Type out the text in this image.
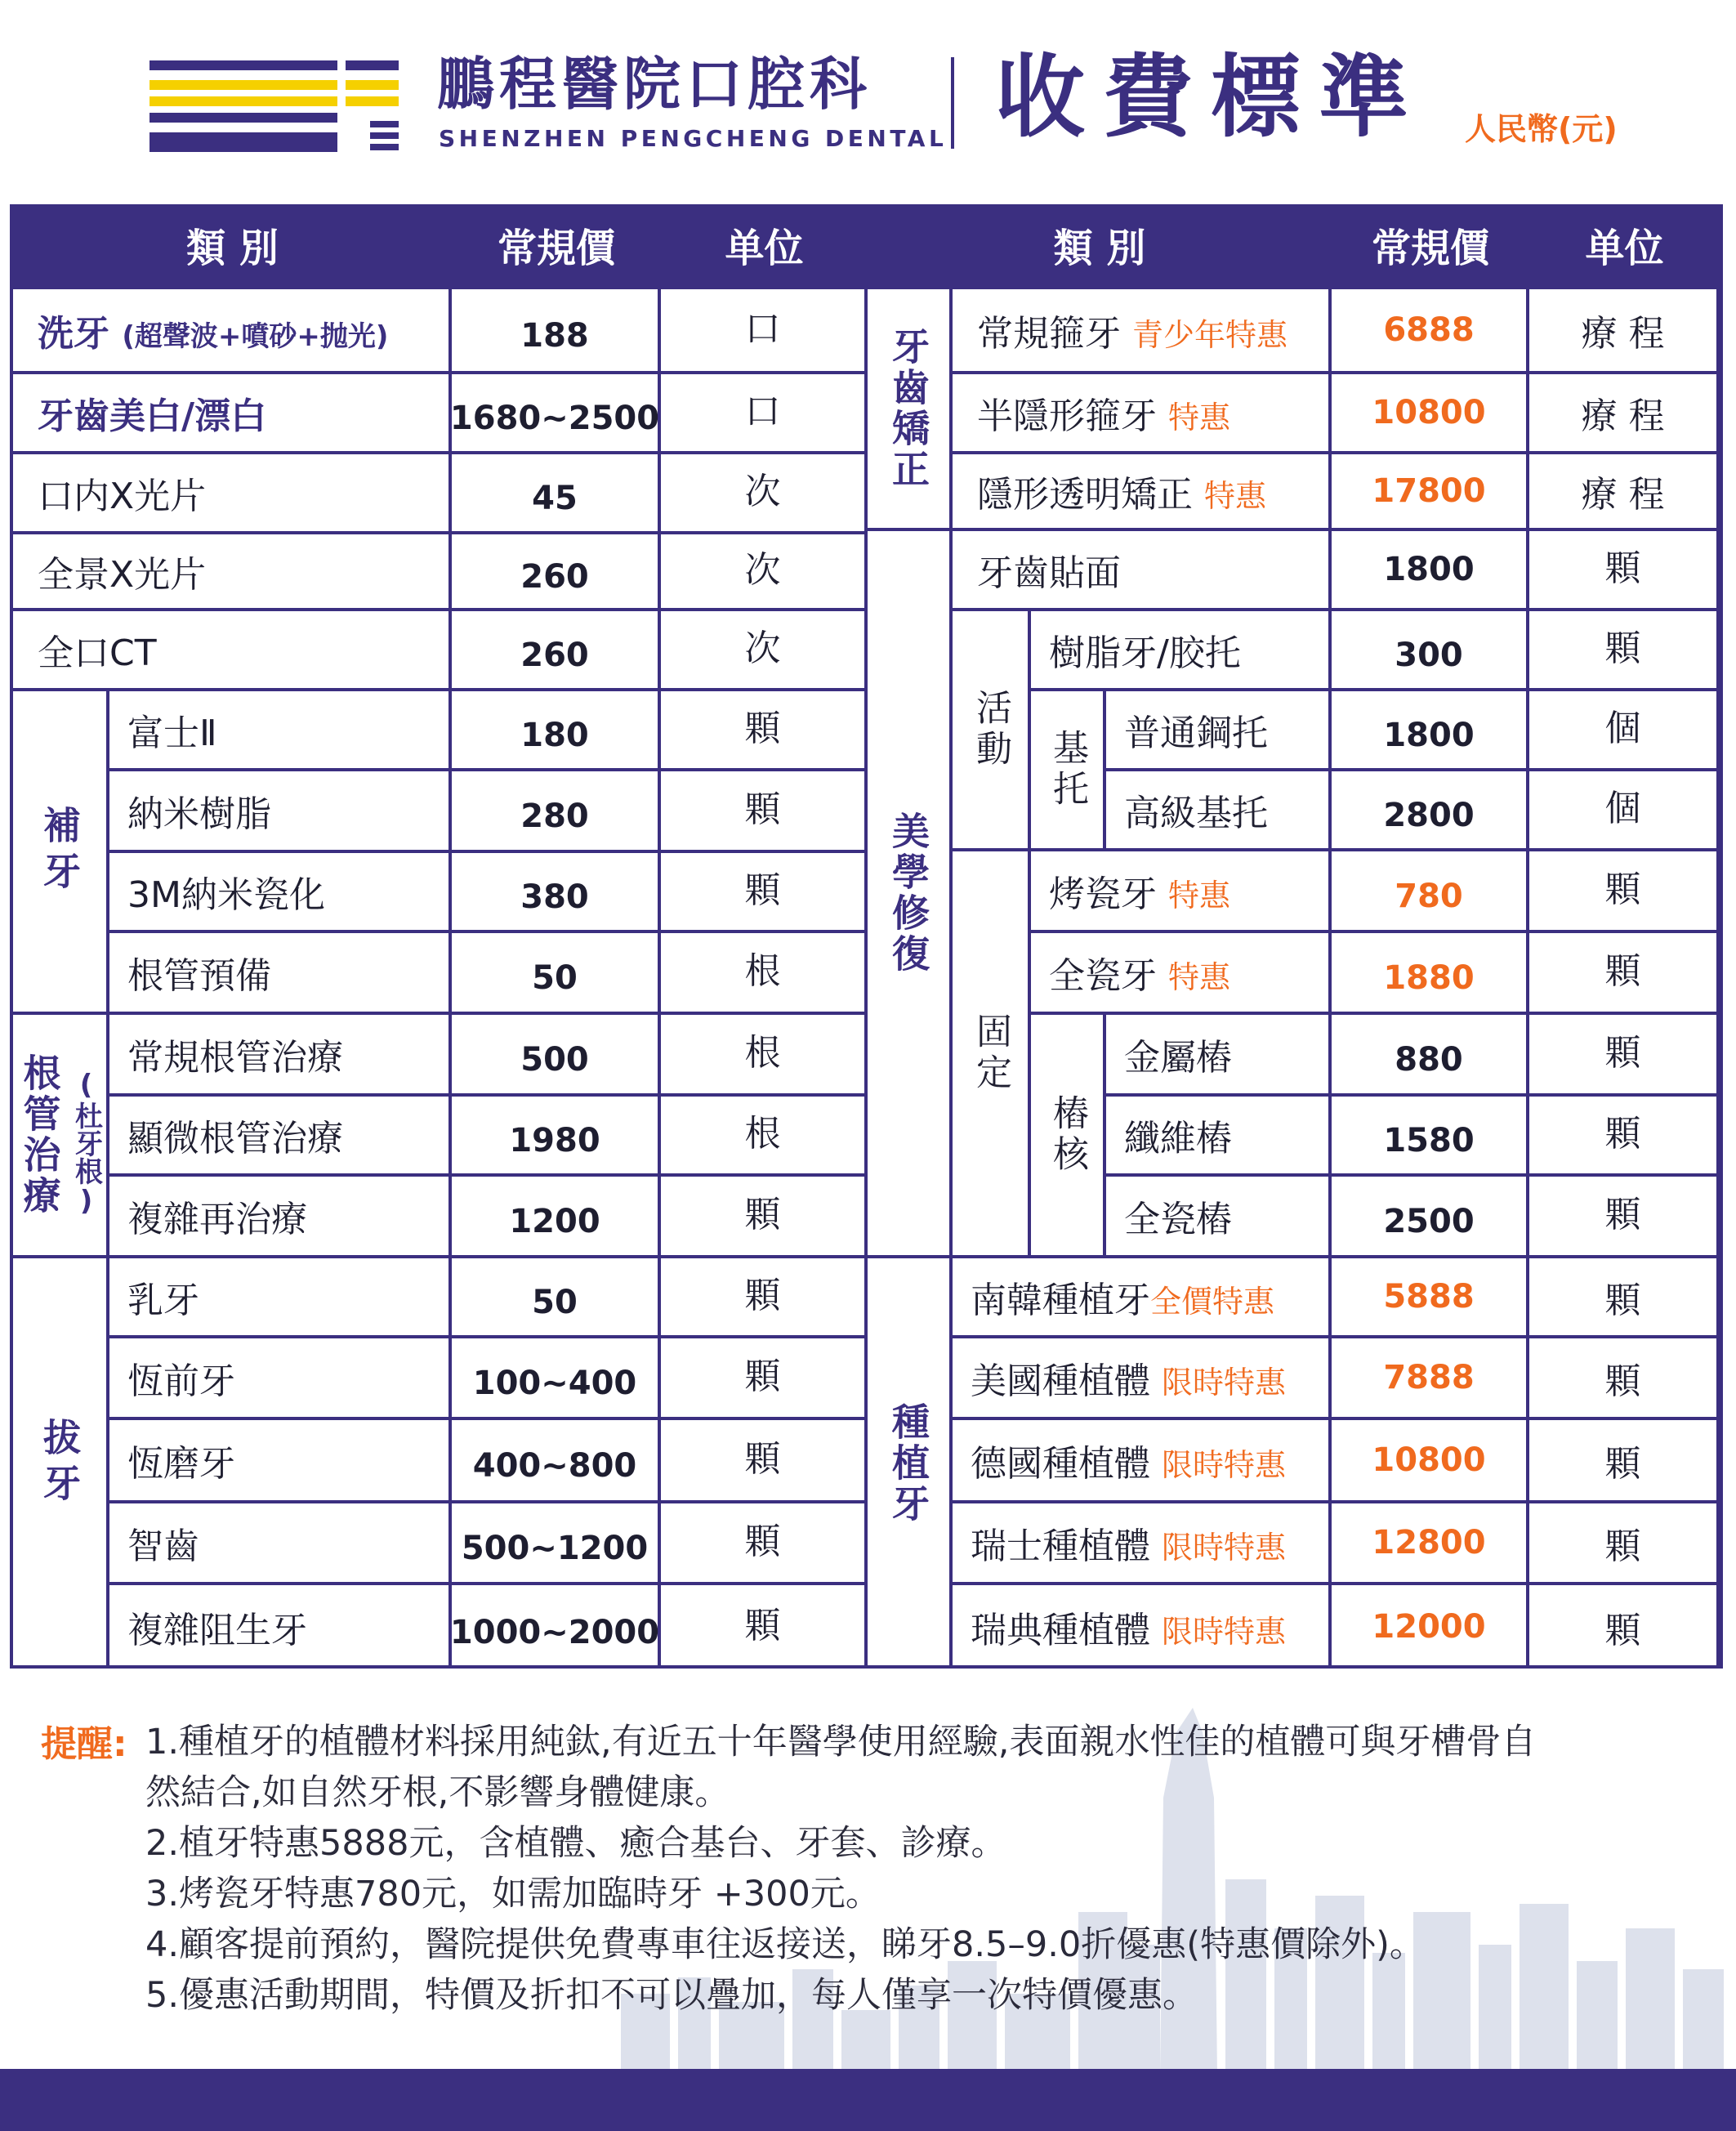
鵬程醫院口腔科
SHENZHEN PENGCHENG DENTAL 收費標準 人民幣(元)
類 別	常規價	单位	類 別	常規價	单位
洗牙 (超聲波+噴砂+抛光)	188	口
牙齒美白/漂白	1680~2500 口
口内X光片	45	次
全景X光片	260	次
全口CT	260	次
補牙
富士Ⅱ	180	顆
納米樹脂	280	顆
3M納米瓷化	380	顆
根管預備	50	根
根管治療 (杜牙根)
常規根管治療	500	根
顯微根管治療	1980	根
複雜再治療	1200	顆
拔牙
乳牙	50	顆
恆前牙	100~400	顆
恆磨牙	400~800	顆
智齒	500~1200	顆
複雜阻生牙	1000~2000 顆
牙齒矯正 常規箍牙 青少年特惠	6888	療 程
半隱形箍牙 特惠	10800	療 程
隱形透明矯正 特惠	17800	療 程
美學修復
牙齒貼面	1800	顆
活動
樹脂牙/胶托	300	顆
基托 普通鋼托	1800	個
高級基托	2800	個
固定
烤瓷牙 特惠	780	顆
全瓷牙 特惠	1880	顆
樁核
金屬樁	880	顆
纖維樁	1580	顆
全瓷樁	2500	顆
種植牙
南韓種植牙全價特惠	5888	顆
美國種植體 限時特惠	7888	顆
德國種植體 限時特惠	10800	顆
瑞士種植體 限時特惠	12800	顆
瑞典種植體 限時特惠	12000	顆
提醒: 1.種植牙的植體材料採用純鈦,有近五十年醫學使用經驗,表面親水性佳的植體可與牙槽骨自
然結合,如自然牙根,不影響身體健康。
2.植牙特惠5888元，含植體、癒合基台、牙套、診療。
3.烤瓷牙特惠780元，如需加臨時牙 +300元。
4.顧客提前預約，醫院提供免費專車往返接送，睇牙8.5–9.0折優惠(特惠價除外)。
5.優惠活動期間，特價及折扣不可以疊加，每人僅享一次特價優惠。
